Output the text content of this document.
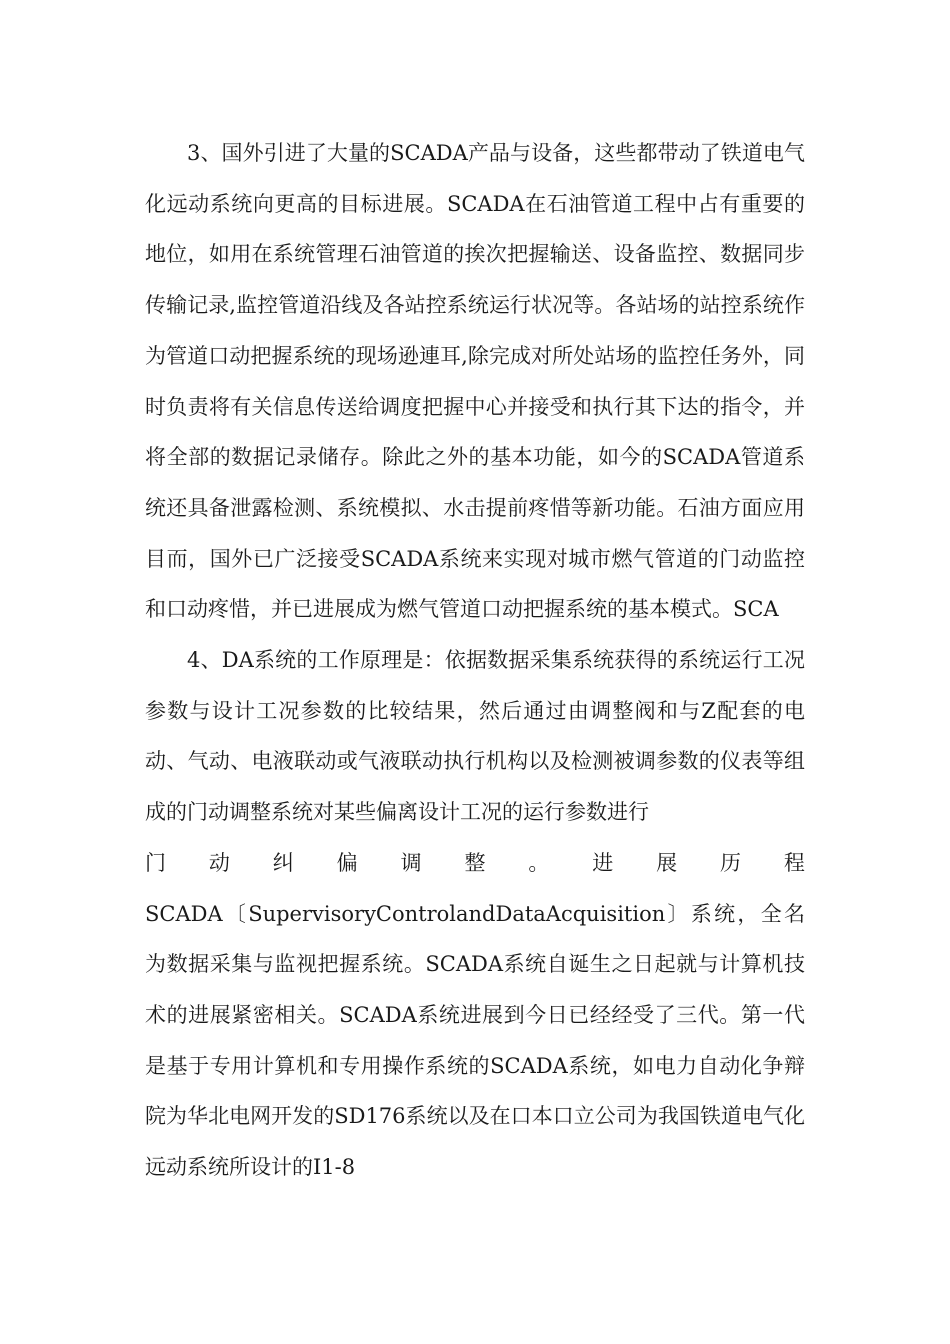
3、国外引进了大量的SCADA产品与设备，这些都带动了铁道电气化远动系统向更高的目标进展。SCADA在石油管道工程中占有重要的地位，如用在系统管理石油管道的挨次把握输送、设备监控、数据同步传输记录,监控管道沿线及各站控系统运行状况等。各站场的站控系统作为管道口动把握系统的现场逊連耳,除完成对所处站场的监控任务外，同时负责将有关信息传送给调度把握中心并接受和执行其下达的指令，并将全部的数据记录储存。除此之外的基本功能，如今的SCADA管道系统还具备泄露检测、系统模拟、水击提前疼惜等新功能。石油方面应用目而，国外已广泛接受SCADA系统来实现对城市燃气管道的门动监控和口动疼惜，并已进展成为燃气管道口动把握系统的基本模式。SCA

4、DA系统的工作原理是：依据数据采集系统获得的系统运行工况参数与设计工况参数的比较结果，然后通过由调整阀和与Z配套的电动、气动、电液联动或气液联动执行机构以及检测被调参数的仪表等组成的门动调整系统对某些偏离设计工况的运行参数进行

门 动 纠 偏 调 整 。 进 展 历 程

SCADA〔SupervisoryControlandDataAcquisition〕系统，全名为数据采集与监视把握系统。SCADA系统自诞生之日起就与计算机技术的进展紧密相关。SCADA系统进展到今日已经经受了三代。第一代是基于专用计算机和专用操作系统的SCADA系统，如电力自动化争辩院为华北电网开发的SD176系统以及在口本口立公司为我国铁道电气化远动系统所设计的I1-8
